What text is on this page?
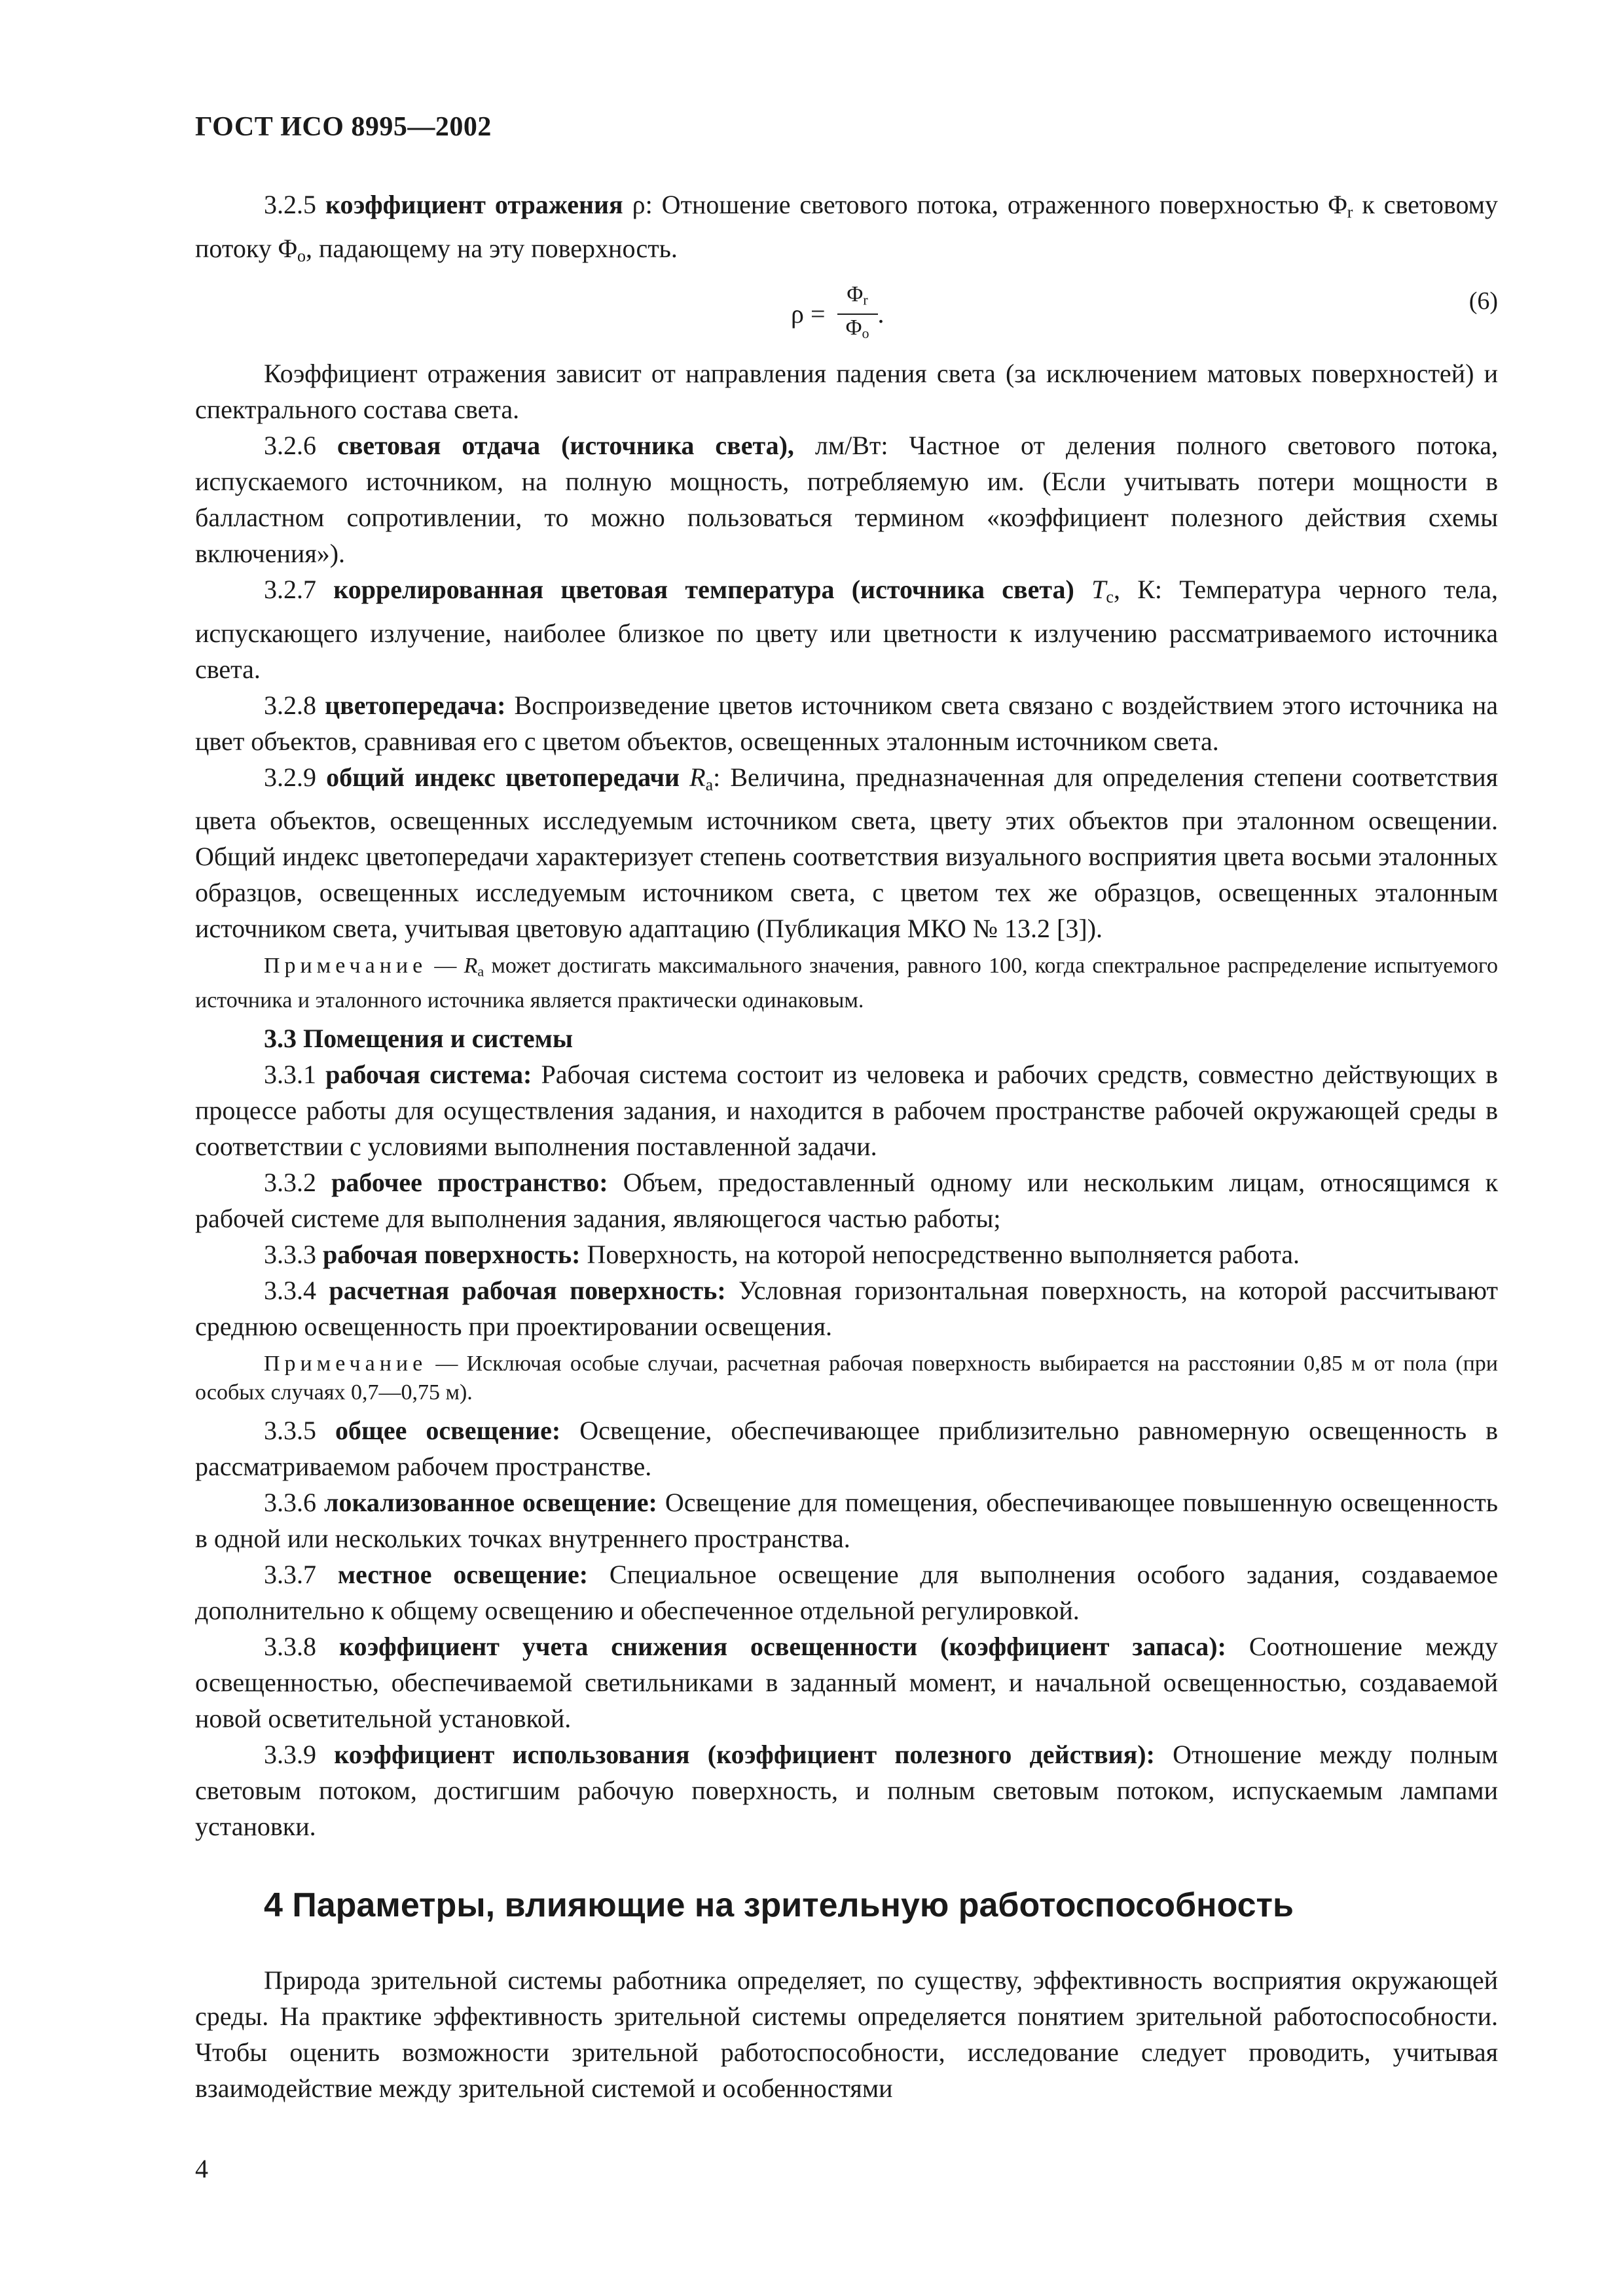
ГОСТ ИСО 8995—2002

3.2.5 коэффициент отражения ρ: Отношение светового потока, отраженного поверхностью $\Phi_r$ к световому потоку $\Phi_o$, падающему на эту поверхность.

$\rho = \frac{\Phi_r}{\Phi_o}$ .	(6)

Коэффициент отражения зависит от направления падения света (за исключением матовых поверхностей) и спектрального состава света.

3.2.6 световая отдача (источника света), лм/Вт: Частное от деления полного светового потока, испускаемого источником, на полную мощность, потребляемую им. (Если учитывать потери мощности в балластном сопротивлении, то можно пользоваться термином «коэффициент полезного действия схемы включения»).

3.2.7 коррелированная цветовая температура (источника света) $T_c$, К: Температура черного тела, испускающего излучение, наиболее близкое по цвету или цветности к излучению рассматриваемого источника света.

3.2.8 цветопередача: Воспроизведение цветов источником света связано с воздействием этого источника на цвет объектов, сравнивая его с цветом объектов, освещенных эталонным источником света.

3.2.9 общий индекс цветопередачи $R_a$: Величина, предназначенная для определения степени соответствия цвета объектов, освещенных исследуемым источником света, цвету этих объектов при эталонном освещении. Общий индекс цветопередачи характеризует степень соответствия визуального восприятия цвета восьми эталонных образцов, освещенных исследуемым источником света, с цветом тех же образцов, освещенных эталонным источником света, учитывая цветовую адаптацию (Публикация МКО № 13.2 [3]).

Примечание — $R_a$ может достигать максимального значения, равного 100, когда спектральное распределение испытуемого источника и эталонного источника является практически одинаковым.

3.3 Помещения и системы

3.3.1 рабочая система: Рабочая система состоит из человека и рабочих средств, совместно действующих в процессе работы для осуществления задания, и находится в рабочем пространстве рабочей окружающей среды в соответствии с условиями выполнения поставленной задачи.

3.3.2 рабочее пространство: Объем, предоставленный одному или нескольким лицам, относящимся к рабочей системе для выполнения задания, являющегося частью работы;

3.3.3 рабочая поверхность: Поверхность, на которой непосредственно выполняется работа.

3.3.4 расчетная рабочая поверхность: Условная горизонтальная поверхность, на которой рассчитывают среднюю освещенность при проектировании освещения.

Примечание — Исключая особые случаи, расчетная рабочая поверхность выбирается на расстоянии 0,85 м от пола (при особых случаях 0,7—0,75 м).

3.3.5 общее освещение: Освещение, обеспечивающее приблизительно равномерную освещенность в рассматриваемом рабочем пространстве.

3.3.6 локализованное освещение: Освещение для помещения, обеспечивающее повышенную освещенность в одной или нескольких точках внутреннего пространства.

3.3.7 местное освещение: Специальное освещение для выполнения особого задания, создаваемое дополнительно к общему освещению и обеспеченное отдельной регулировкой.

3.3.8 коэффициент учета снижения освещенности (коэффициент запаса): Соотношение между освещенностью, обеспечиваемой светильниками в заданный момент, и начальной освещенностью, создаваемой новой осветительной установкой.

3.3.9 коэффициент использования (коэффициент полезного действия): Отношение между полным световым потоком, достигшим рабочую поверхность, и полным световым потоком, испускаемым лампами установки.

4 Параметры, влияющие на зрительную работоспособность

Природа зрительной системы работника определяет, по существу, эффективность восприятия окружающей среды. На практике эффективность зрительной системы определяется понятием зрительной работоспособности. Чтобы оценить возможности зрительной работоспособности, исследование следует проводить, учитывая взаимодействие между зрительной системой и особенностями

4
